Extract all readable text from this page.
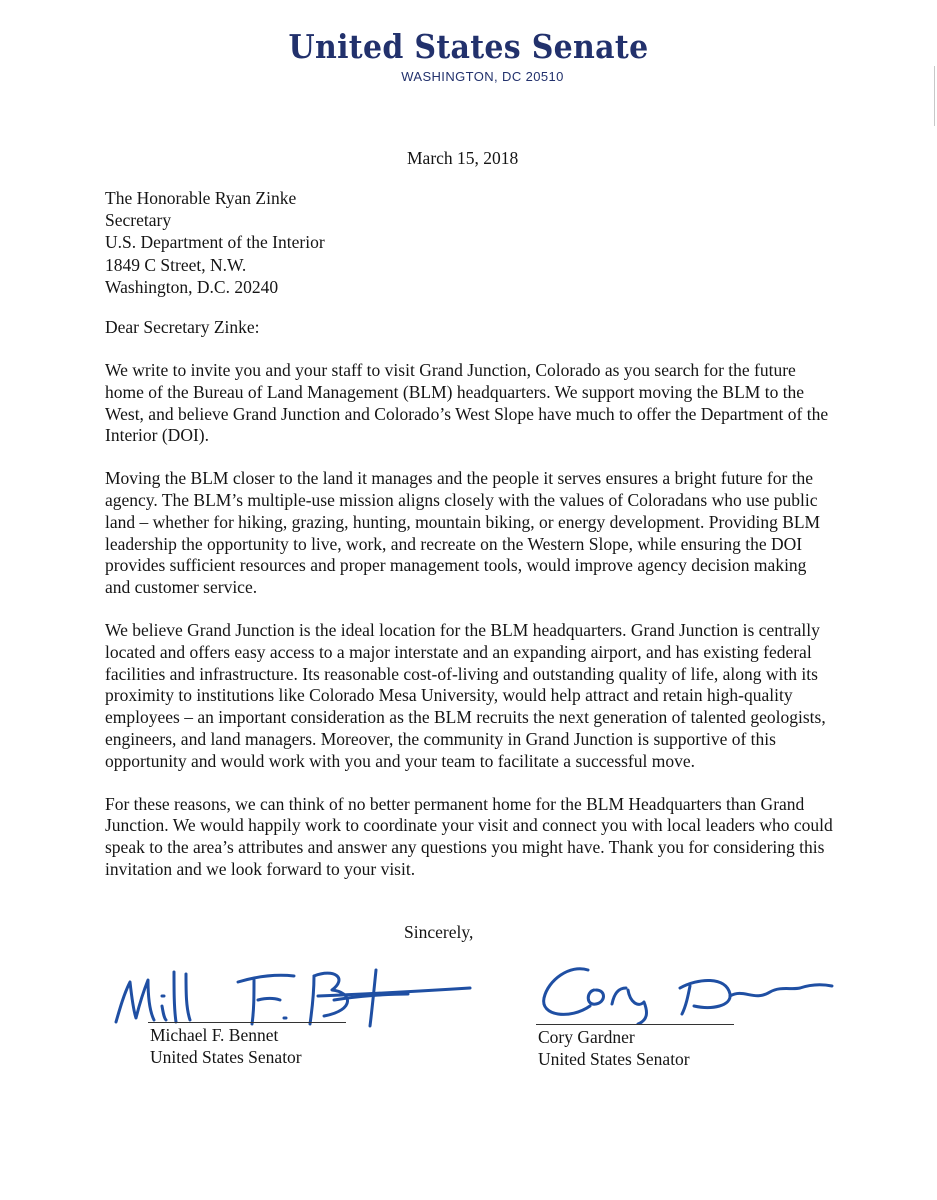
United States Senate
WASHINGTON, DC 20510
March 15, 2018
The Honorable Ryan Zinke
Secretary
U.S. Department of the Interior
1849 C Street, N.W.
Washington, D.C. 20240
Dear Secretary Zinke:

We write to invite you and your staff to visit Grand Junction, Colorado as you search for the future home of the Bureau of Land Management (BLM) headquarters. We support moving the BLM to the West, and believe Grand Junction and Colorado’s West Slope have much to offer the Department of the Interior (DOI).

Moving the BLM closer to the land it manages and the people it serves ensures a bright future for the agency. The BLM’s multiple-use mission aligns closely with the values of Coloradans who use public land – whether for hiking, grazing, hunting, mountain biking, or energy development. Providing BLM leadership the opportunity to live, work, and recreate on the Western Slope, while ensuring the DOI provides sufficient resources and proper management tools, would improve agency decision making and customer service.

We believe Grand Junction is the ideal location for the BLM headquarters. Grand Junction is centrally located and offers easy access to a major interstate and an expanding airport, and has existing federal facilities and infrastructure. Its reasonable cost-of-living and outstanding quality of life, along with its proximity to institutions like Colorado Mesa University, would help attract and retain high-quality employees – an important consideration as the BLM recruits the next generation of talented geologists, engineers, and land managers. Moreover, the community in Grand Junction is supportive of this opportunity and would work with you and your team to facilitate a successful move.

For these reasons, we can think of no better permanent home for the BLM Headquarters than Grand Junction. We would happily work to coordinate your visit and connect you with local leaders who could speak to the area’s attributes and answer any questions you might have. Thank you for considering this invitation and we look forward to your visit.

Sincerely,
Michael F. Bennet
United States Senator
Cory Gardner
United States Senator
